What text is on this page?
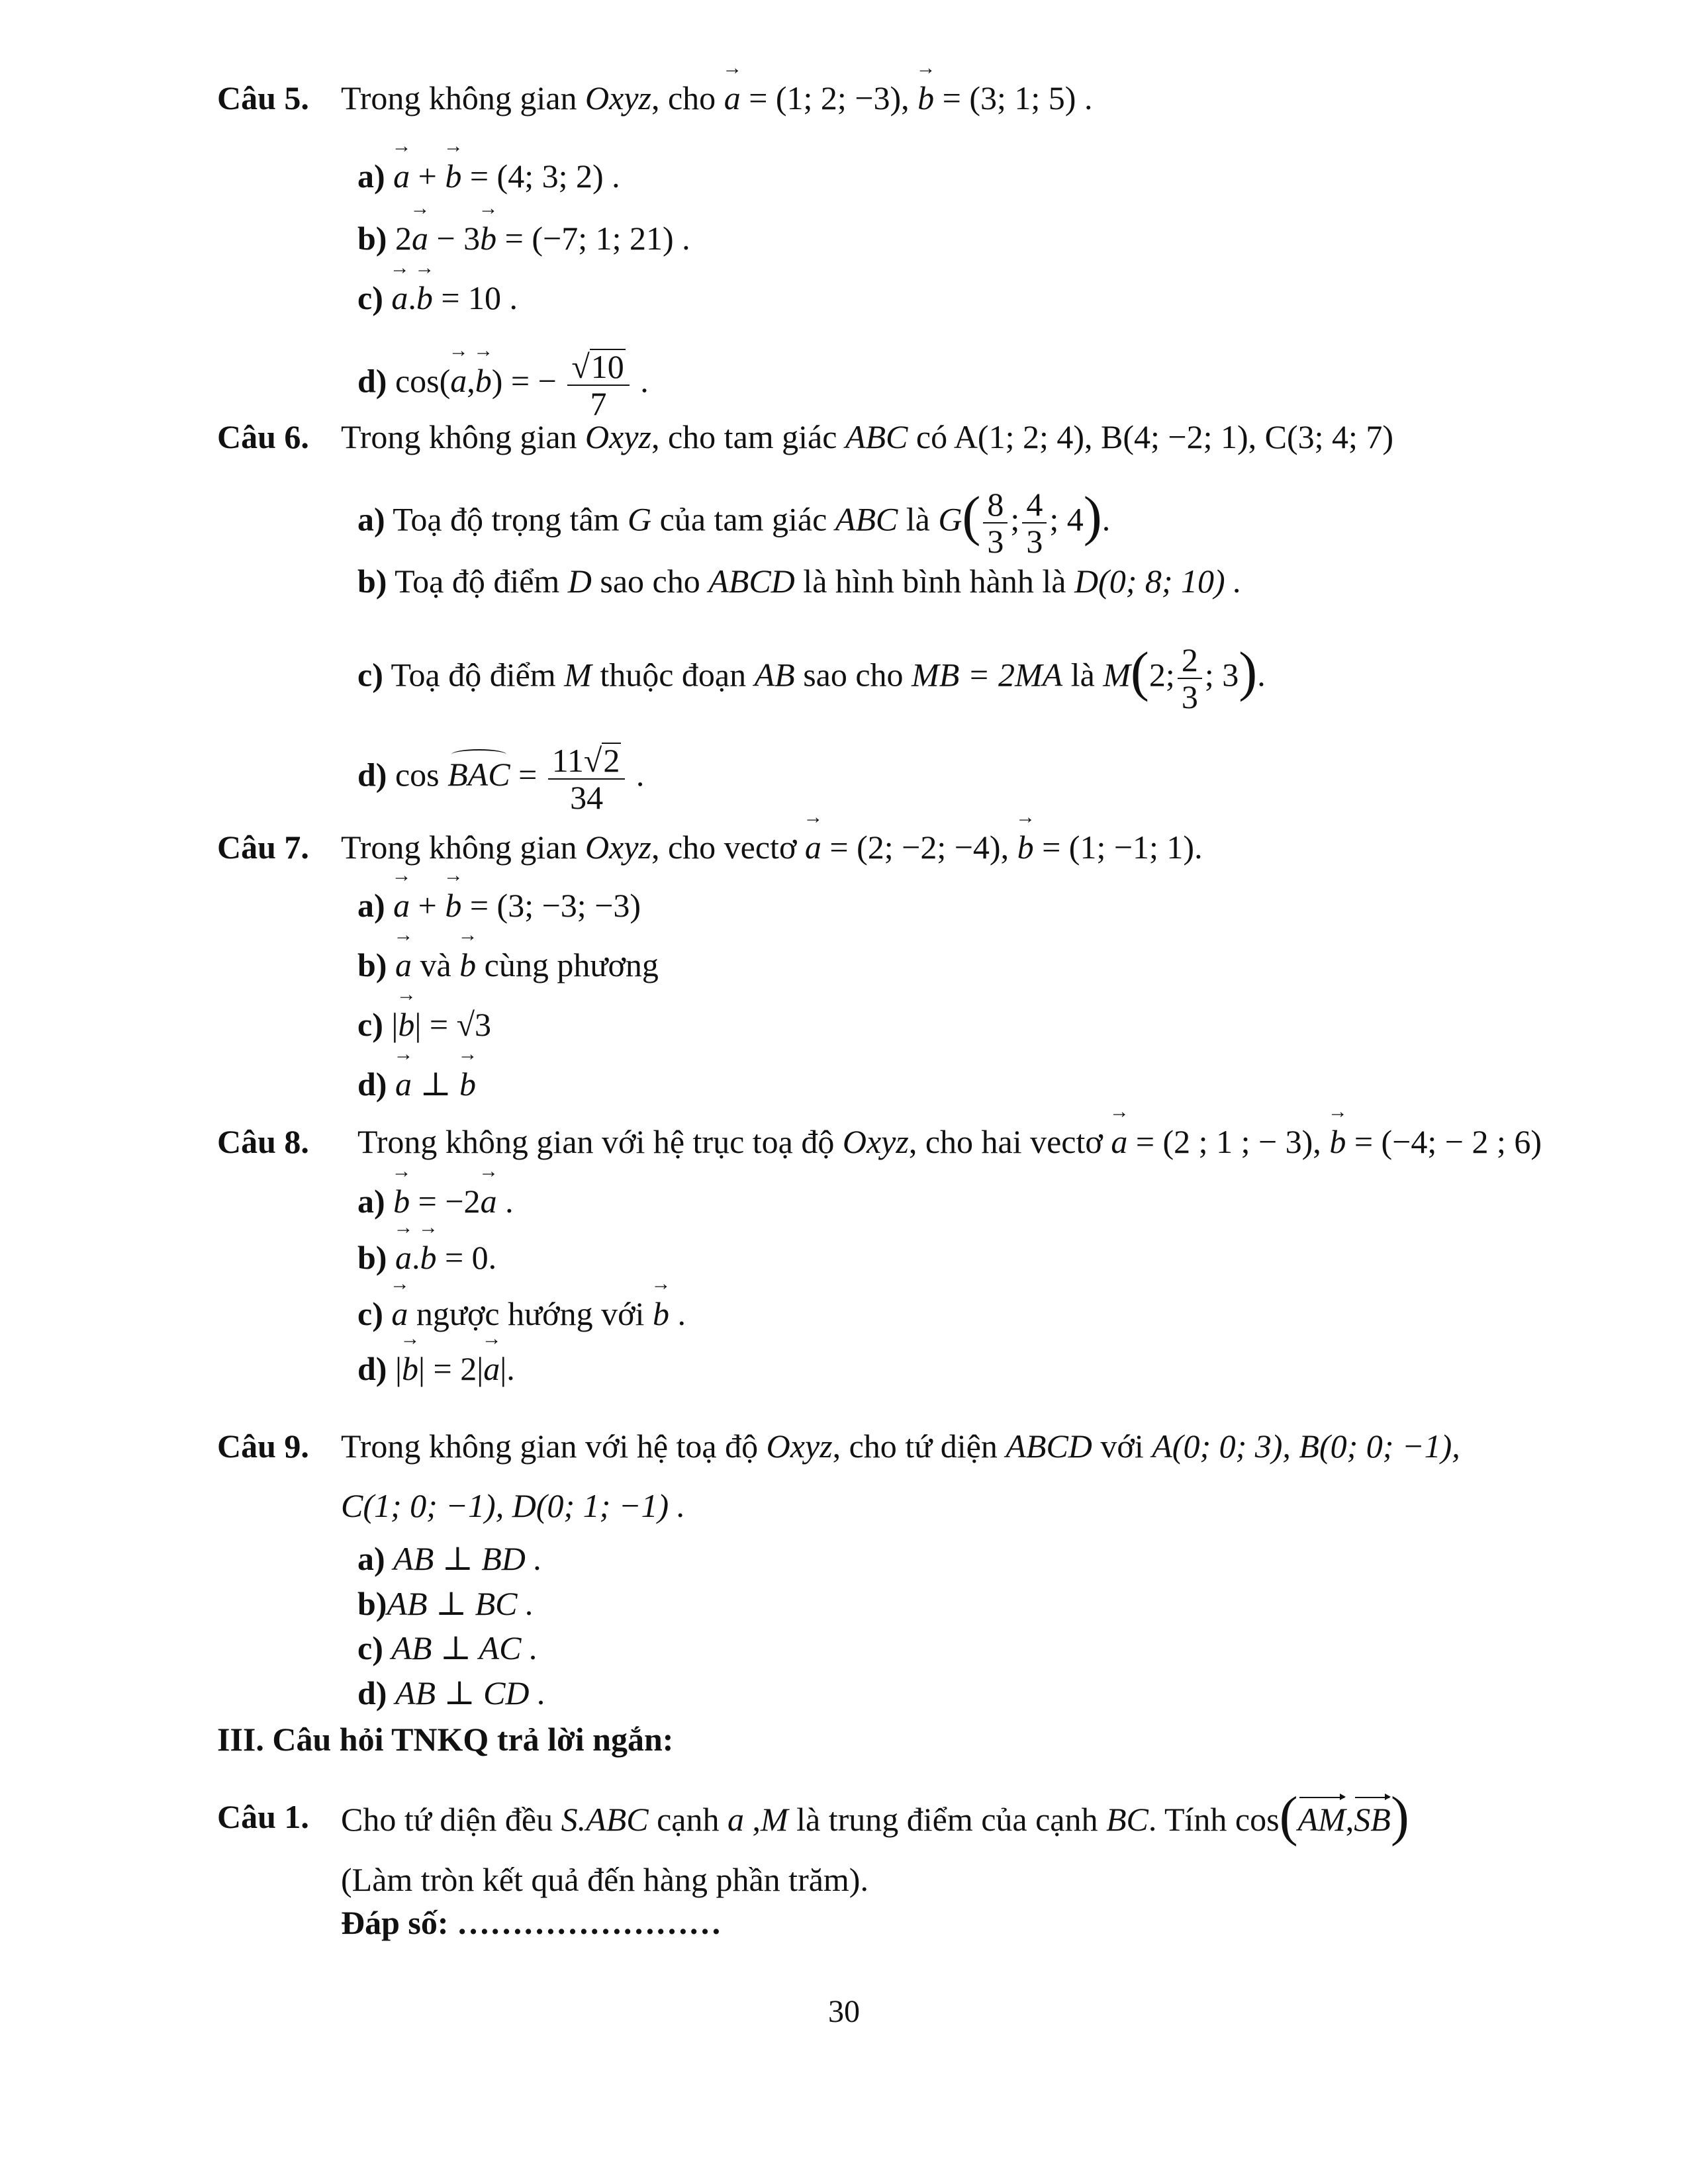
Câu 5. Trong không gian Oxyz, cho → a = (1; 2; −3), → b = (3; 1; 5) .
a) → a + → b = (4; 3; 2) .
b) 2→ a − 3→ b = (−7; 1; 21) .
c) → a.→ b = 10 .
d) cos(→ a,→ b) = − $\frac{√10}{7}$ .
Câu 6. Trong không gian Oxyz, cho tam giác ABC có A(1; 2; 4), B(4; −2; 1), C(3; 4; 7)
a) Toạ độ trọng tâm G của tam giác ABC là $G( \frac{8}{3}$ ; $\frac{4}{3}$ ; 4).
b) Toạ độ điểm D sao cho ABCD là hình bình hành là D(0; 8; 10) .
c) Toạ độ điểm M thuộc đoạn AB sao cho MB = 2MA là M(2; $\frac{2}{3}$ ; 3).
d) cos BAC = $\frac{11√2}{34}$ .
Câu 7. Trong không gian Oxyz, cho vectơ → a = (2; −2; −4), → b = (1; −1; 1).
a) → a + → b = (3; −3; −3)
b) → a và → b cùng phương
c) |→ b| = √3
d) → a ⊥ → b
Câu 8. Trong không gian với hệ trục toạ độ Oxyz, cho hai vectơ → a = (2 ; 1 ; − 3), → b = (−4; − 2 ; 6)
a) → b = −2→ a .
b) → a.→ b = 0.
c) → a ngược hướng với → b .
d) |→ b| = 2|→ a|.
Câu 9. Trong không gian với hệ toạ độ Oxyz, cho tứ diện ABCD với A(0; 0; 3), B(0; 0; −1),
C(1; 0; −1), D(0; 1; −1) .
a) AB ⊥ BD .
b)AB ⊥ BC .
c) AB ⊥ AC .
d) AB ⊥ CD .
III. Câu hỏi TNKQ trả lời ngắn:
Câu 1. Cho tứ diện đều S.ABC cạnh a ,M là trung điểm của cạnh BC. Tính cos(AM,SB)
(Làm tròn kết quả đến hàng phần trăm).
Đáp số: ……………………
30
